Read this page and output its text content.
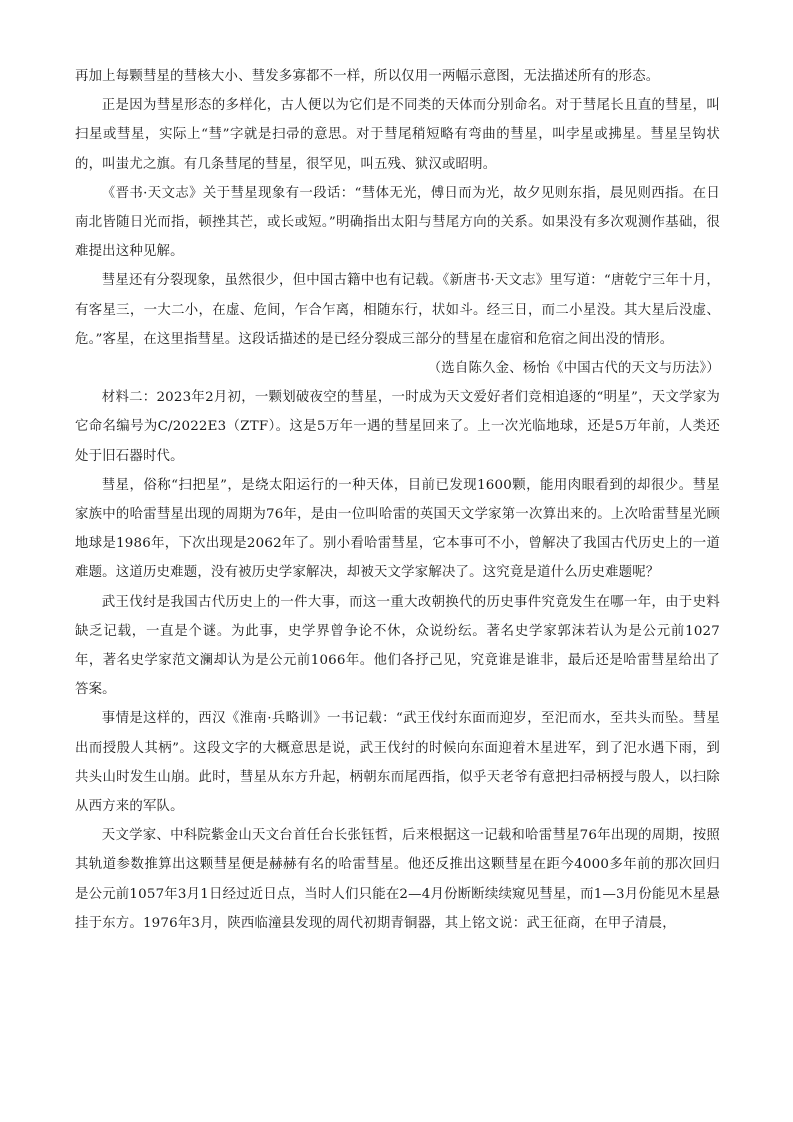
再加上每颗彗星的彗核大小、彗发多寡都不一样，所以仅用一两幅示意图，无法描述所有的形态。

正是因为彗星形态的多样化，古人便以为它们是不同类的天体而分别命名。对于彗尾长且直的彗星，叫扫星或彗星，实际上“彗”字就是扫帚的意思。对于彗尾稍短略有弯曲的彗星，叫孛星或拂星。彗星呈钩状的，叫蚩尤之旗。有几条彗尾的彗星，很罕见，叫五残、狱汉或昭明。

《晋书·天文志》关于彗星现象有一段话：“彗体无光，傅日而为光，故夕见则东指，晨见则西指。在日南北皆随日光而指，顿挫其芒，或长或短。”明确指出太阳与彗尾方向的关系。如果没有多次观测作基础，很难提出这种见解。

彗星还有分裂现象，虽然很少，但中国古籍中也有记载。《新唐书·天文志》里写道：“唐乾宁三年十月，有客星三，一大二小，在虚、危间，乍合乍离，相随东行，状如斗。经三日，而二小星没。其大星后没虚、危。”客星，在这里指彗星。这段话描述的是已经分裂成三部分的彗星在虚宿和危宿之间出没的情形。

（选自陈久金、杨怡《中国古代的天文与历法》）

材料二：2023年2月初，一颗划破夜空的彗星，一时成为天文爱好者们竞相追逐的“明星”，天文学家为它命名编号为C/2022E3（ZTF）。这是5万年一遇的彗星回来了。上一次光临地球，还是5万年前，人类还处于旧石器时代。

彗星，俗称“扫把星”，是绕太阳运行的一种天体，目前已发现1600颗，能用肉眼看到的却很少。彗星家族中的哈雷彗星出现的周期为76年，是由一位叫哈雷的英国天文学家第一次算出来的。上次哈雷彗星光顾地球是1986年，下次出现是2062年了。别小看哈雷彗星，它本事可不小，曾解决了我国古代历史上的一道难题。这道历史难题，没有被历史学家解决，却被天文学家解决了。这究竟是道什么历史难题呢？

武王伐纣是我国古代历史上的一件大事，而这一重大改朝换代的历史事件究竟发生在哪一年，由于史料缺乏记载，一直是个谜。为此事，史学界曾争论不休，众说纷纭。著名史学家郭沫若认为是公元前1027年，著名史学家范文澜却认为是公元前1066年。他们各抒己见，究竟谁是谁非，最后还是哈雷彗星给出了答案。

事情是这样的，西汉《淮南·兵略训》一书记载：“武王伐纣东面而迎岁，至汜而水，至共头而坠。彗星出而授殷人其柄”。这段文字的大概意思是说，武王伐纣的时候向东面迎着木星进军，到了汜水遇下雨，到共头山时发生山崩。此时，彗星从东方升起，柄朝东而尾西指，似乎天老爷有意把扫帚柄授与殷人，以扫除从西方来的军队。

天文学家、中科院紫金山天文台首任台长张钰哲，后来根据这一记载和哈雷彗星76年出现的周期，按照其轨道参数推算出这颗彗星便是赫赫有名的哈雷彗星。他还反推出这颗彗星在距今4000多年前的那次回归是公元前1057年3月1日经过近日点，当时人们只能在2—4月份断断续续窥见彗星，而1—3月份能见木星悬挂于东方。1976年3月，陕西临潼县发现的周代初期青铜器，其上铭文说：武王征商，在甲子清晨，
